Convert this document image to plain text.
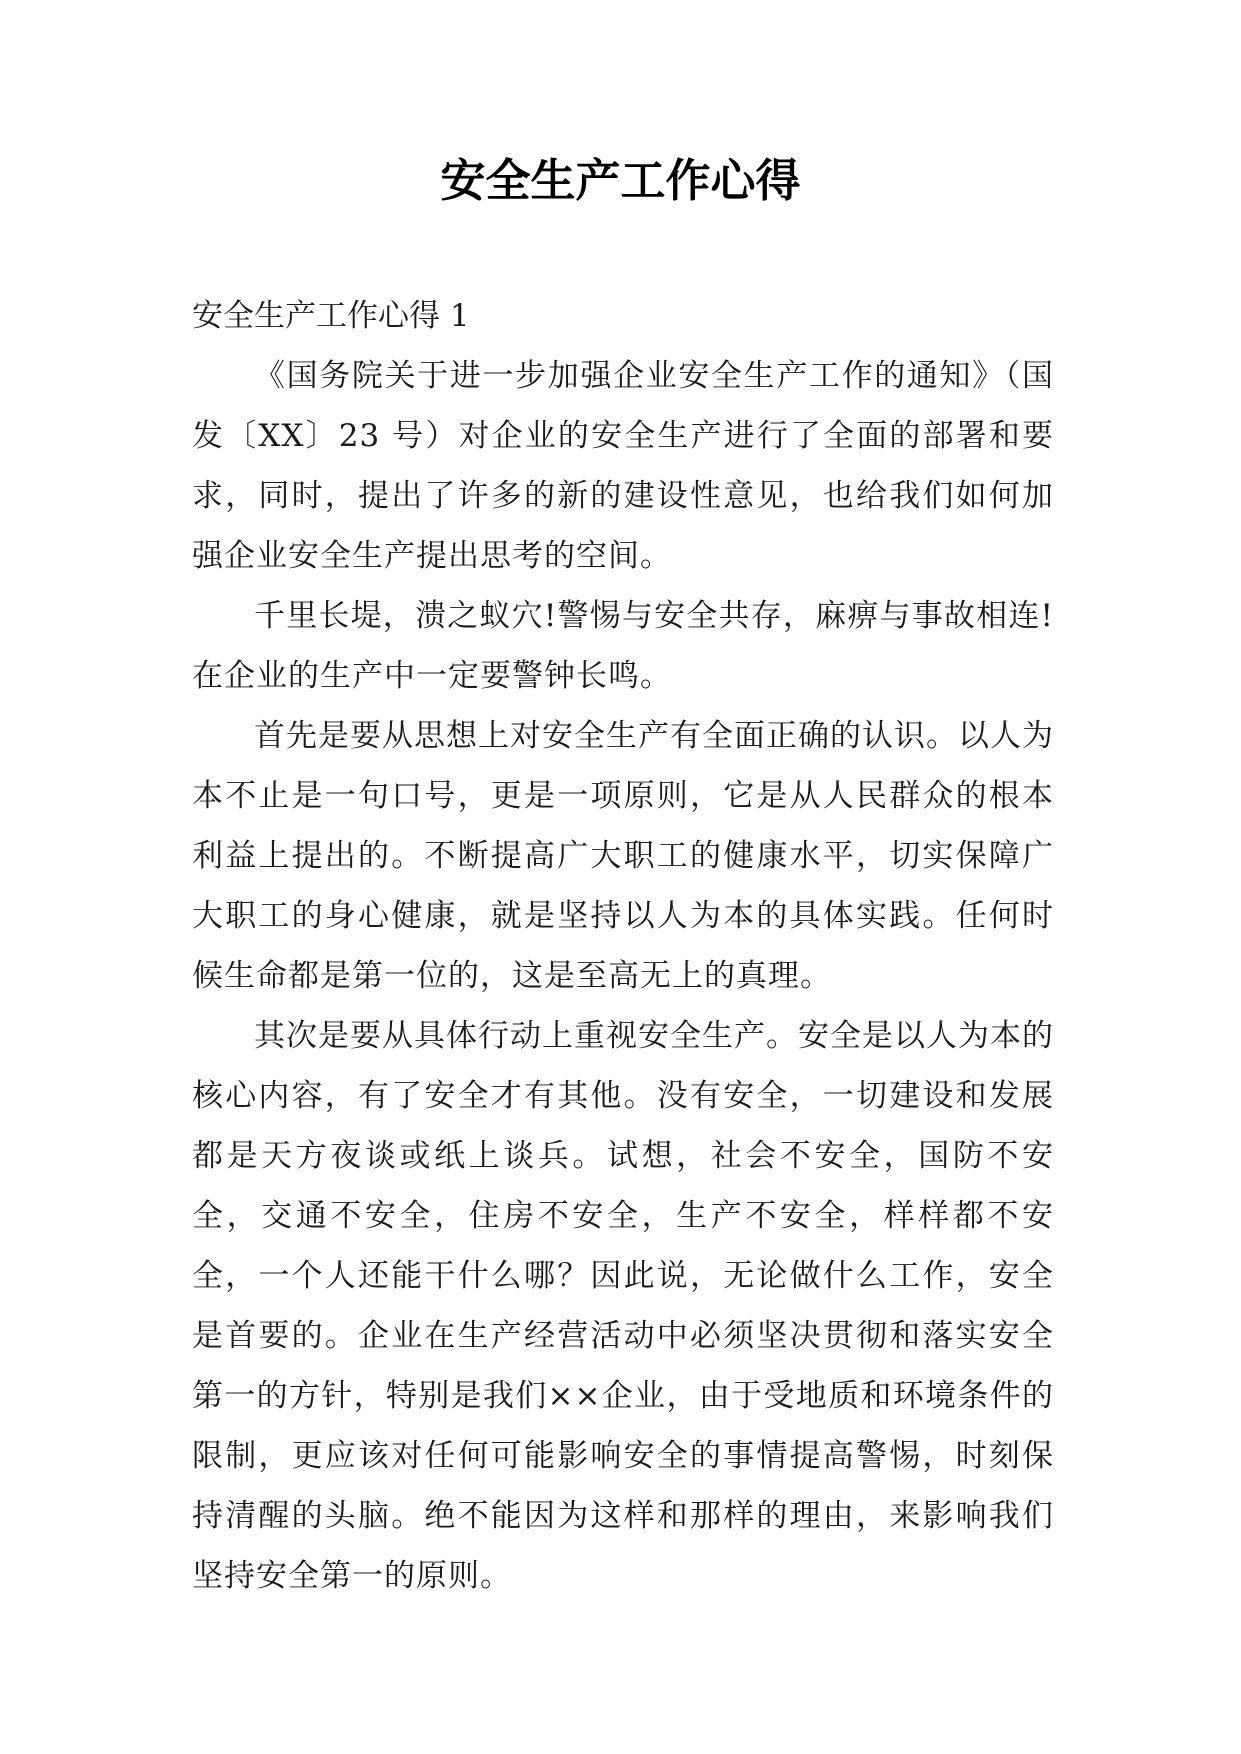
安全生产工作心得

安全生产工作心得 1

《国务院关于进一步加强企业安全生产工作的通知》（国发〔XX〕23 号）对企业的安全生产进行了全面的部署和要求，同时，提出了许多的新的建设性意见，也给我们如何加强企业安全生产提出思考的空间。

千里长堤，溃之蚁穴!警惕与安全共存，麻痹与事故相连!在企业的生产中一定要警钟长鸣。

首先是要从思想上对安全生产有全面正确的认识。以人为本不止是一句口号，更是一项原则，它是从人民群众的根本利益上提出的。不断提高广大职工的健康水平，切实保障广大职工的身心健康，就是坚持以人为本的具体实践。任何时候生命都是第一位的，这是至高无上的真理。

其次是要从具体行动上重视安全生产。安全是以人为本的核心内容，有了安全才有其他。没有安全，一切建设和发展都是天方夜谈或纸上谈兵。试想，社会不安全，国防不安全，交通不安全，住房不安全，生产不安全，样样都不安全，一个人还能干什么哪？因此说，无论做什么工作，安全是首要的。企业在生产经营活动中必须坚决贯彻和落实安全第一的方针，特别是我们××企业，由于受地质和环境条件的限制，更应该对任何可能影响安全的事情提高警惕，时刻保持清醒的头脑。绝不能因为这样和那样的理由，来影响我们坚持安全第一的原则。
